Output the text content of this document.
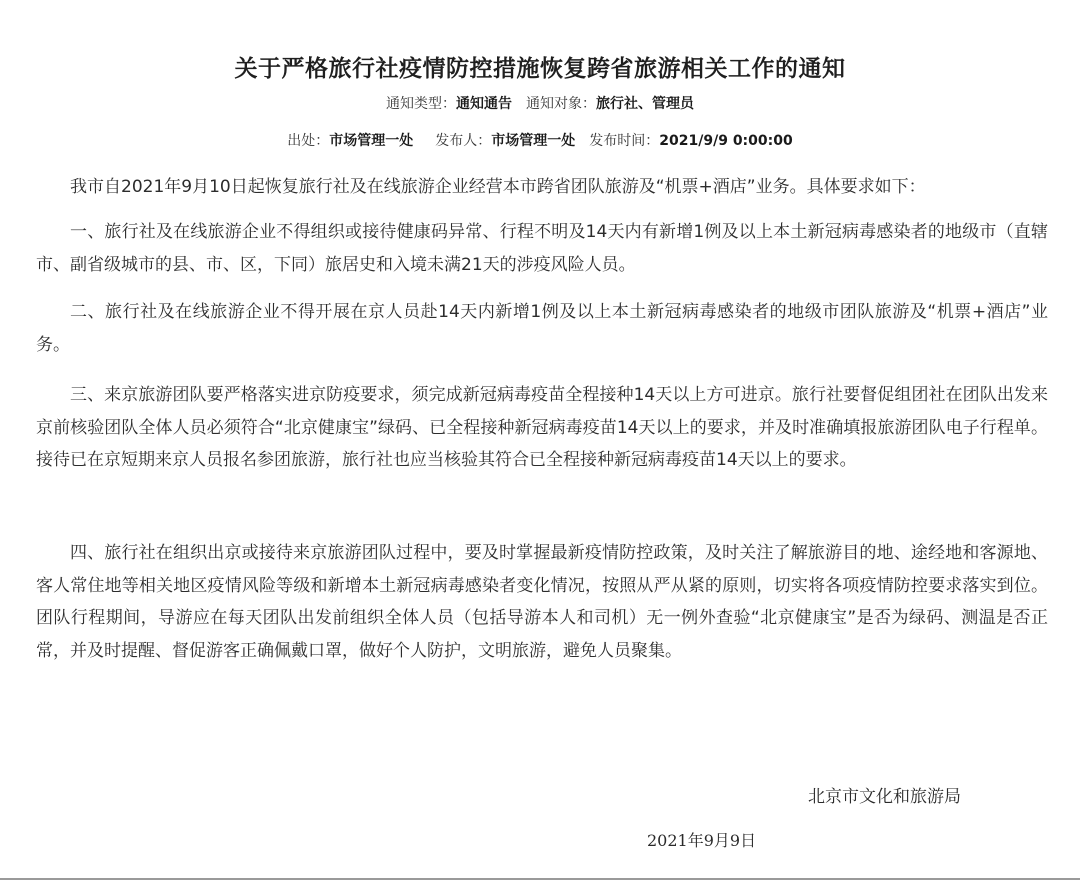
关于严格旅行社疫情防控措施恢复跨省旅游相关工作的通知
通知类型：通知通告 通知对象：旅行社、管理员
出处：市场管理一处 发布人：市场管理一处 发布时间：2021/9/9 0:00:00

我市自2021年9月10日起恢复旅行社及在线旅游企业经营本市跨省团队旅游及“机票+酒店”业务。具体要求如下：

一、旅行社及在线旅游企业不得组织或接待健康码异常、行程不明及14天内有新增1例及以上本土新冠病毒感染者的地级市（直辖市、副省级城市的县、市、区，下同）旅居史和入境未满21天的涉疫风险人员。

二、旅行社及在线旅游企业不得开展在京人员赴14天内新增1例及以上本土新冠病毒感染者的地级市团队旅游及“机票+酒店”业务。

三、来京旅游团队要严格落实进京防疫要求，须完成新冠病毒疫苗全程接种14天以上方可进京。旅行社要督促组团社在团队出发来京前核验团队全体人员必须符合“北京健康宝”绿码、已全程接种新冠病毒疫苗14天以上的要求，并及时准确填报旅游团队电子行程单。接待已在京短期来京人员报名参团旅游，旅行社也应当核验其符合已全程接种新冠病毒疫苗14天以上的要求。

四、旅行社在组织出京或接待来京旅游团队过程中，要及时掌握最新疫情防控政策，及时关注了解旅游目的地、途经地和客源地、客人常住地等相关地区疫情风险等级和新增本土新冠病毒感染者变化情况，按照从严从紧的原则，切实将各项疫情防控要求落实到位。团队行程期间，导游应在每天团队出发前组织全体人员（包括导游本人和司机）无一例外查验“北京健康宝”是否为绿码、测温是否正常，并及时提醒、督促游客正确佩戴口罩，做好个人防护，文明旅游，避免人员聚集。

北京市文化和旅游局
2021年9月9日
